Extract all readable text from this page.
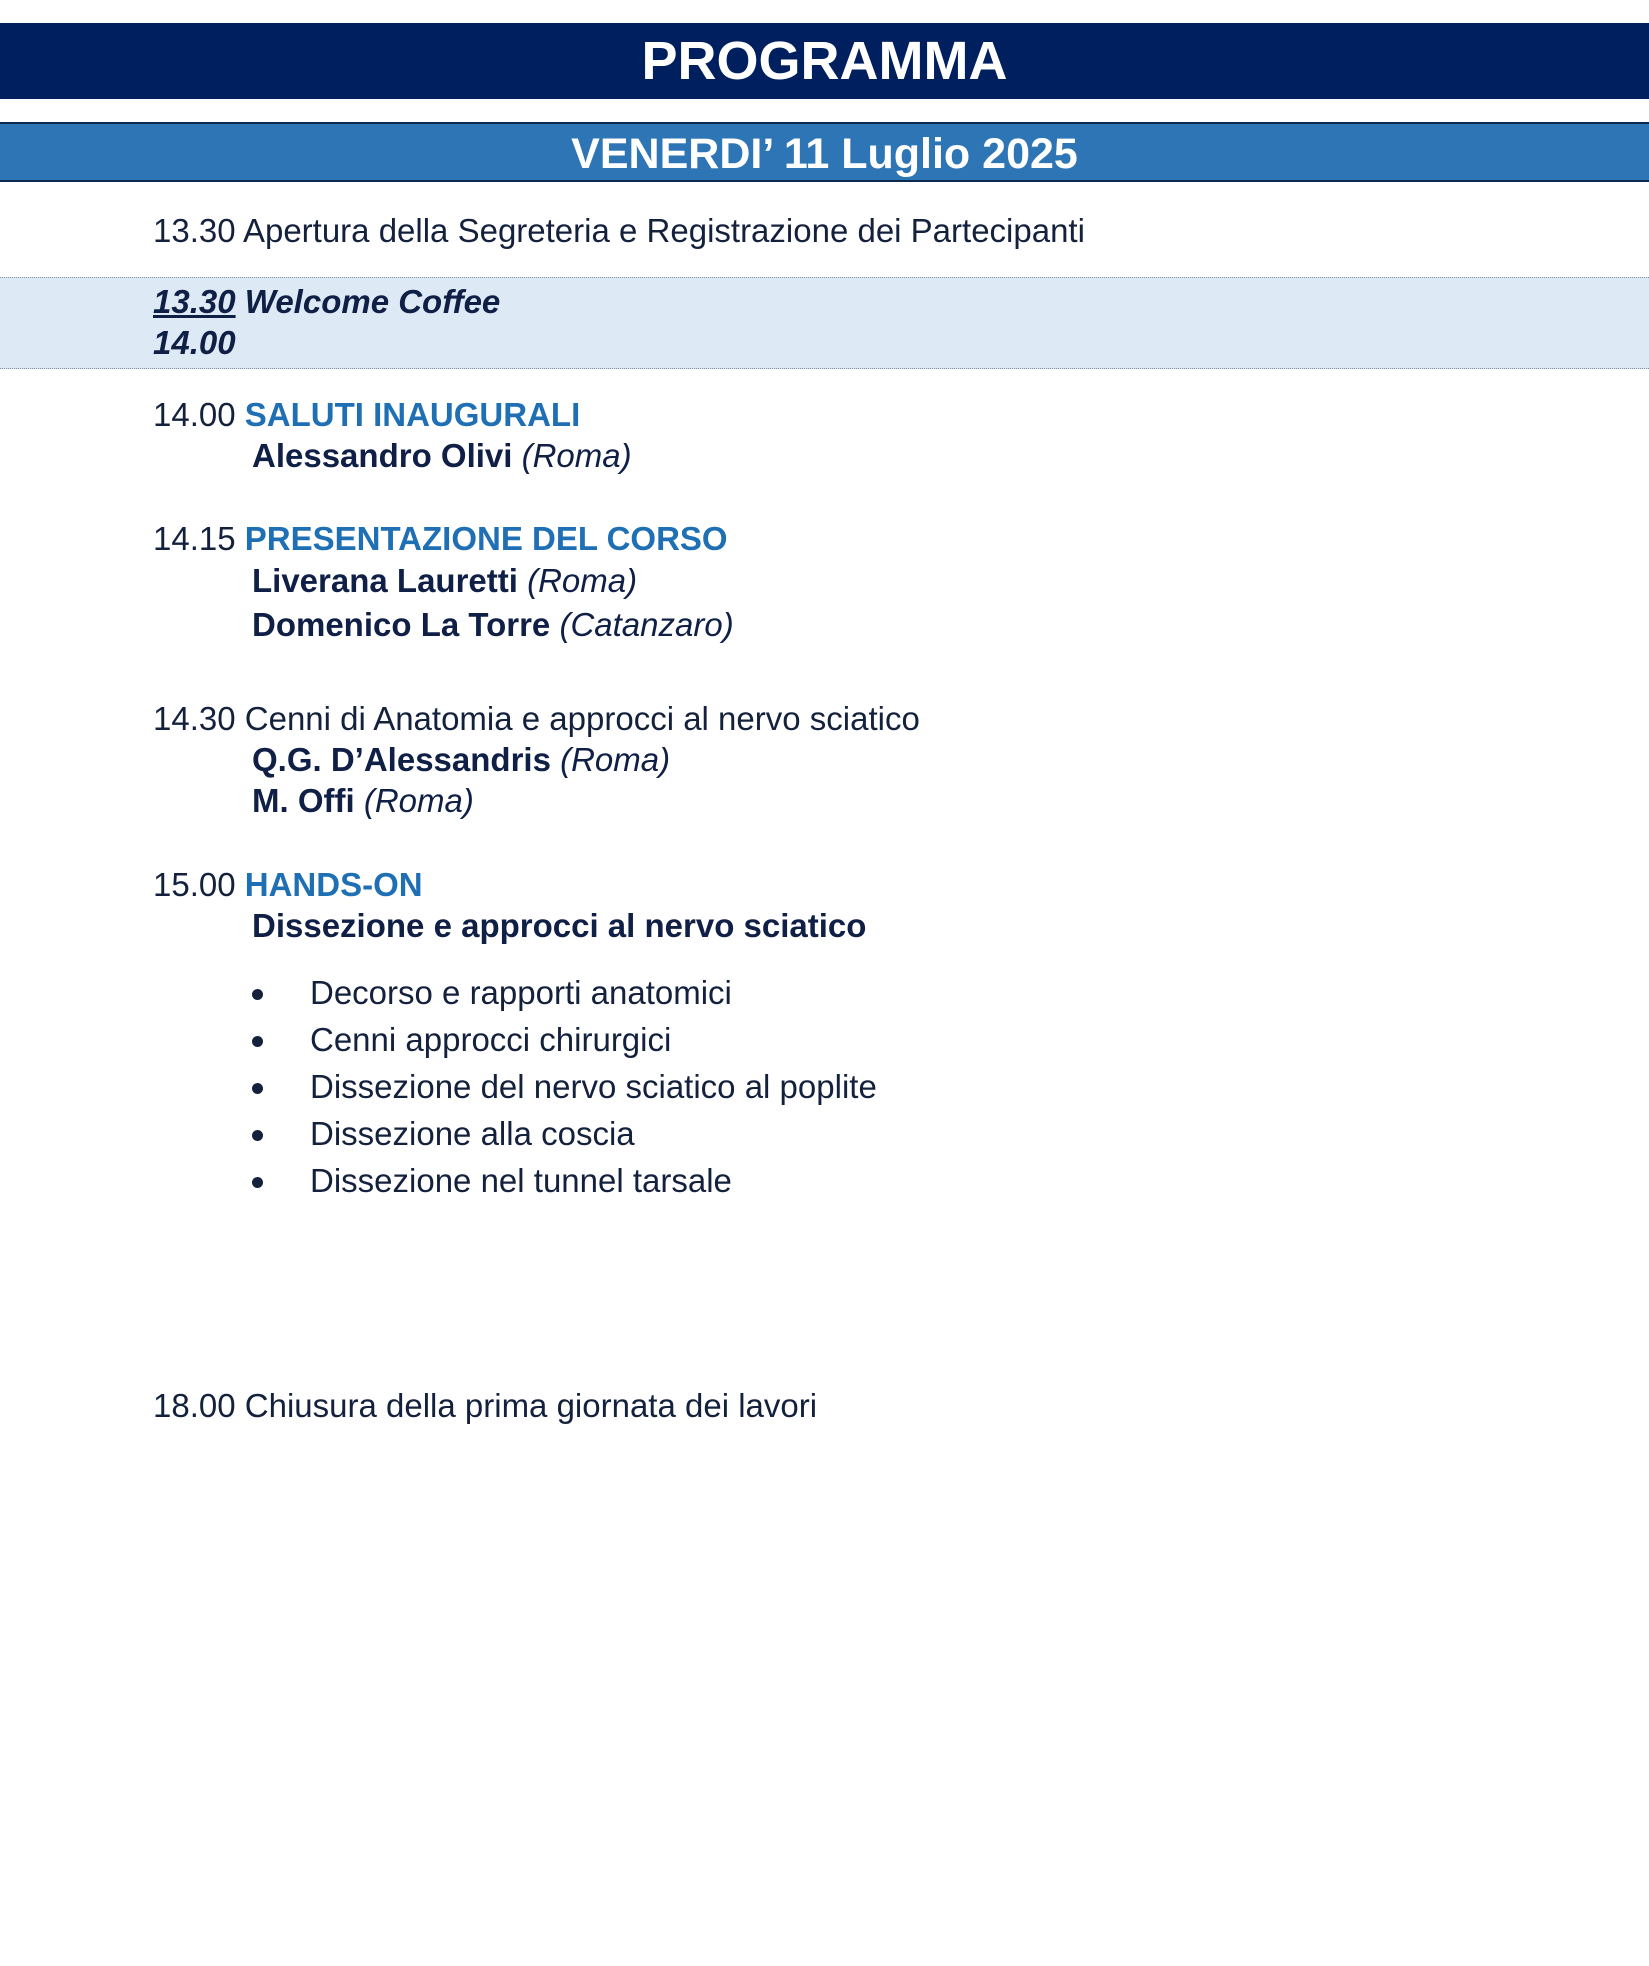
PROGRAMMA
VENERDI’ 11 Luglio 2025
13.30 Apertura della Segreteria e Registrazione dei Partecipanti
13.30 Welcome Coffee
14.00
14.00 SALUTI INAUGURALI
Alessandro Olivi (Roma)
14.15 PRESENTAZIONE DEL CORSO
Liverana Lauretti (Roma)
Domenico La Torre (Catanzaro)
14.30 Cenni di Anatomia e approcci al nervo sciatico
Q.G. D’Alessandris (Roma)
M. Offi (Roma)
15.00 HANDS-ON
Dissezione e approcci al nervo sciatico
Decorso e rapporti anatomici
Cenni approcci chirurgici
Dissezione del nervo sciatico al poplite
Dissezione alla coscia
Dissezione nel tunnel tarsale
18.00 Chiusura della prima giornata dei lavori
